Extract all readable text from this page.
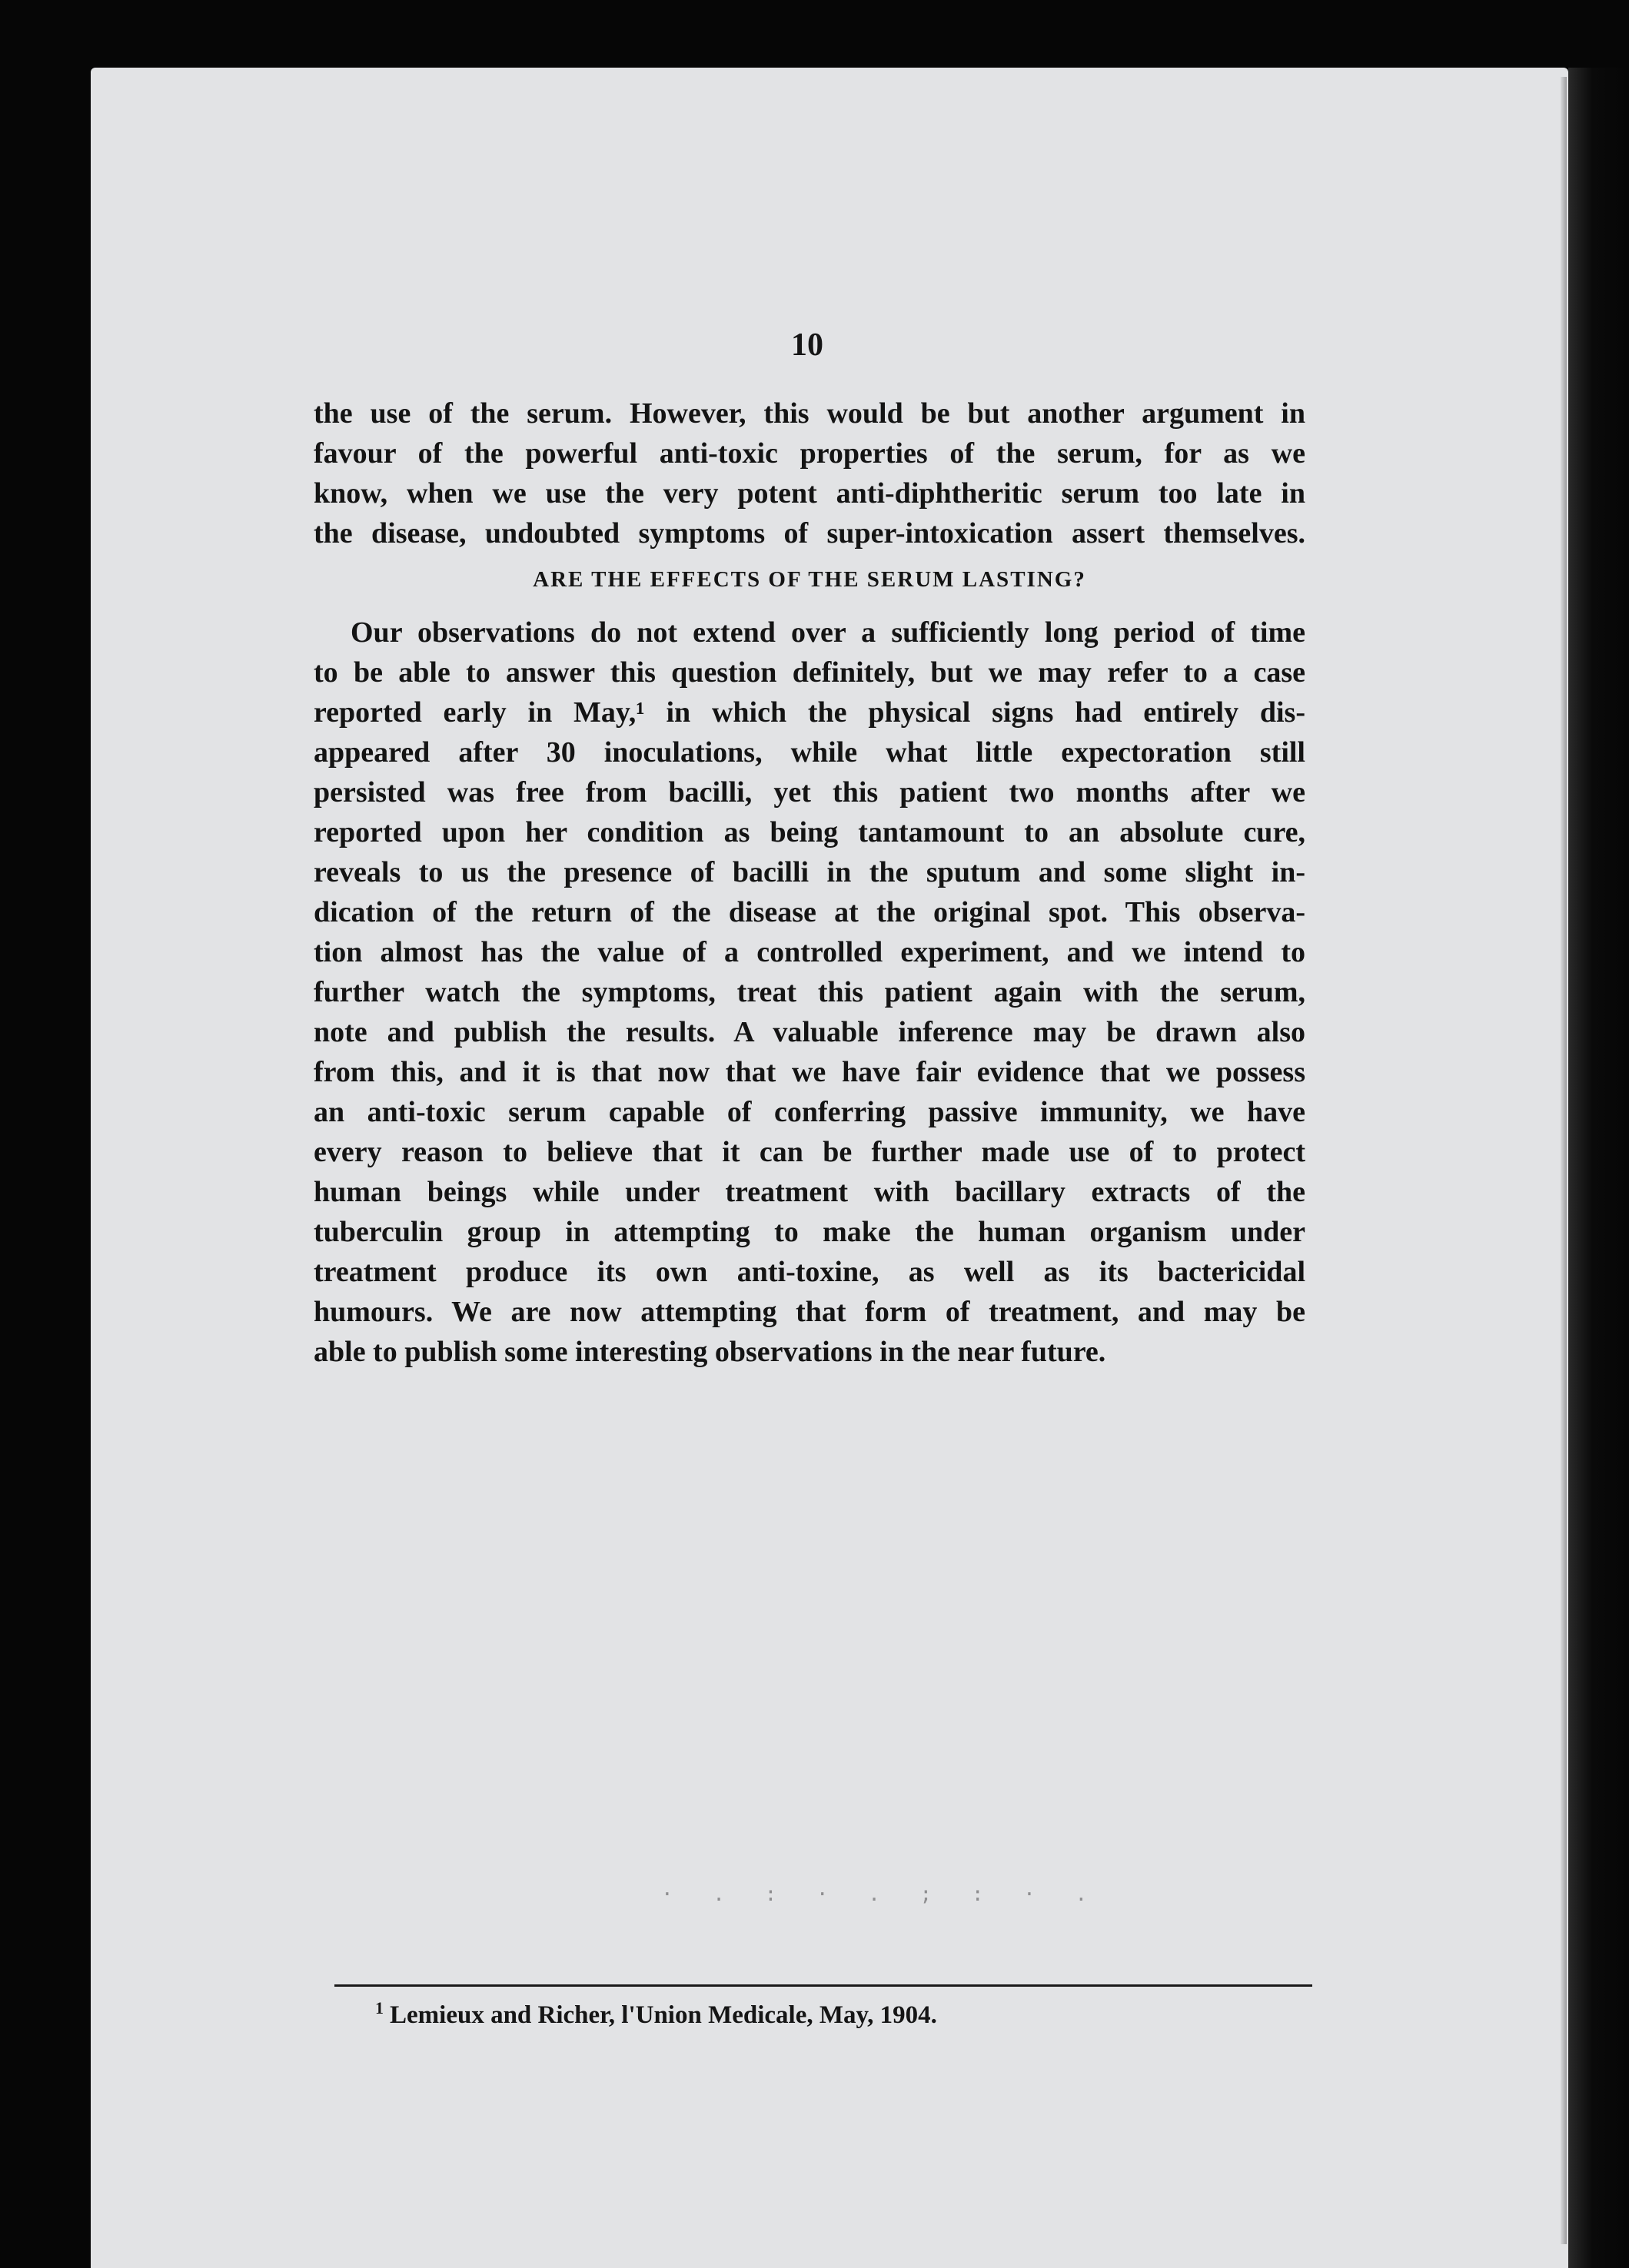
10
the use of the serum. However, this would be but another argument in
favour of the powerful anti-toxic properties of the serum, for as we
know, when we use the very potent anti-diphtheritic serum too late in
the disease, undoubted symptoms of super-intoxication assert themselves.
ARE THE EFFECTS OF THE SERUM LASTING?
Our observations do not extend over a sufficiently long period of time
to be able to answer this question definitely, but we may refer to a case
reported early in May,¹ in which the physical signs had entirely dis-
appeared after 30 inoculations, while what little expectoration still
persisted was free from bacilli, yet this patient two months after we
reported upon her condition as being tantamount to an absolute cure,
reveals to us the presence of bacilli in the sputum and some slight in-
dication of the return of the disease at the original spot. This observa-
tion almost has the value of a controlled experiment, and we intend to
further watch the symptoms, treat this patient again with the serum,
note and publish the results. A valuable inference may be drawn also
from this, and it is that now that we have fair evidence that we possess
an anti-toxic serum capable of conferring passive immunity, we have
every reason to believe that it can be further made use of to protect
human beings while under treatment with bacillary extracts of the
tuberculin group in attempting to make the human organism under
treatment produce its own anti-toxine, as well as its bactericidal
humours. We are now attempting that form of treatment, and may be
able to publish some interesting observations in the near future.
· . : · . ; : · .
$^1$ Lemieux and Richer, l'Union Medicale, May, 1904.
